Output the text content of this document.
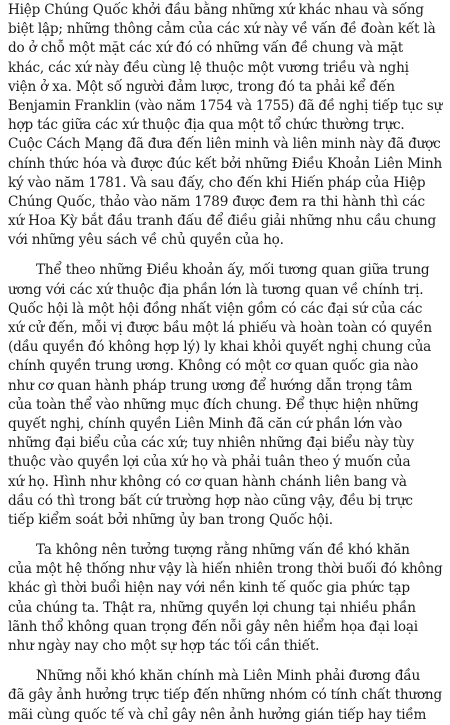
Hiệp Chúng Quốc khởi đầu bằng những xứ khác nhau và sống
biệt lập; những thông cảm của các xứ này về vấn đề đoàn kết là
do ở chỗ một mặt các xứ đó có những vấn đề chung và mặt
khác, các xứ này đều cùng lệ thuộc một vương triều và nghị
viện ở xa. Một số người đảm lược, trong đó ta phải kể đến
Benjamin Franklin (vào năm 1754 và 1755) đã đề nghị tiếp tục sự
hợp tác giữa các xứ thuộc địa qua một tổ chức thường trực.
Cuộc Cách Mạng đã đưa đến liên minh và liên minh này đã được
chính thức hóa và được đúc kết bởi những Điều Khoản Liên Minh
ký vào năm 1781. Và sau đấy, cho đến khi Hiến pháp của Hiệp
Chúng Quốc, thảo vào năm 1789 được đem ra thi hành thì các
xứ Hoa Kỳ bắt đầu tranh đấu để điều giải những nhu cầu chung
với những yêu sách về chủ quyền của họ.
Thể theo những Điều khoản ấy, mối tương quan giữa trung
ương với các xứ thuộc địa phần lớn là tương quan về chính trị.
Quốc hội là một hội đồng nhất viện gồm có các đại sứ của các
xứ cử đến, mỗi vị được bầu một lá phiếu và hoàn toàn có quyền
(dầu quyền đó không hợp lý) ly khai khỏi quyết nghị chung của
chính quyền trung ương. Không có một cơ quan quốc gia nào
như cơ quan hành pháp trung ương để hướng dẫn trọng tâm
của toàn thể vào những mục đích chung. Để thực hiện những
quyết nghị, chính quyền Liên Minh đã căn cứ phần lớn vào
những đại biểu của các xứ; tuy nhiên những đại biểu này tùy
thuộc vào quyền lợi của xứ họ và phải tuân theo ý muốn của
xứ họ. Hình như không có cơ quan hành chánh liên bang và
dầu có thì trong bất cứ trường hợp nào cũng vậy, đều bị trực
tiếp kiểm soát bởi những ủy ban trong Quốc hội.
Ta không nên tưởng tượng rằng những vấn đề khó khăn
của một hệ thống như vậy là hiển nhiên trong thời buổi đó không
khác gì thời buổi hiện nay với nền kinh tế quốc gia phức tạp
của chúng ta. Thật ra, những quyền lợi chung tại nhiều phần
lãnh thổ không quan trọng đến nỗi gây nên hiểm họa đại loại
như ngày nay cho một sự hợp tác tối cần thiết.
Những nỗi khó khăn chính mà Liên Minh phải đương đầu
đã gây ảnh hưởng trực tiếp đến những nhóm có tính chất thương
mãi cùng quốc tế và chỉ gây nên ảnh hưởng gián tiếp hay tiềm
